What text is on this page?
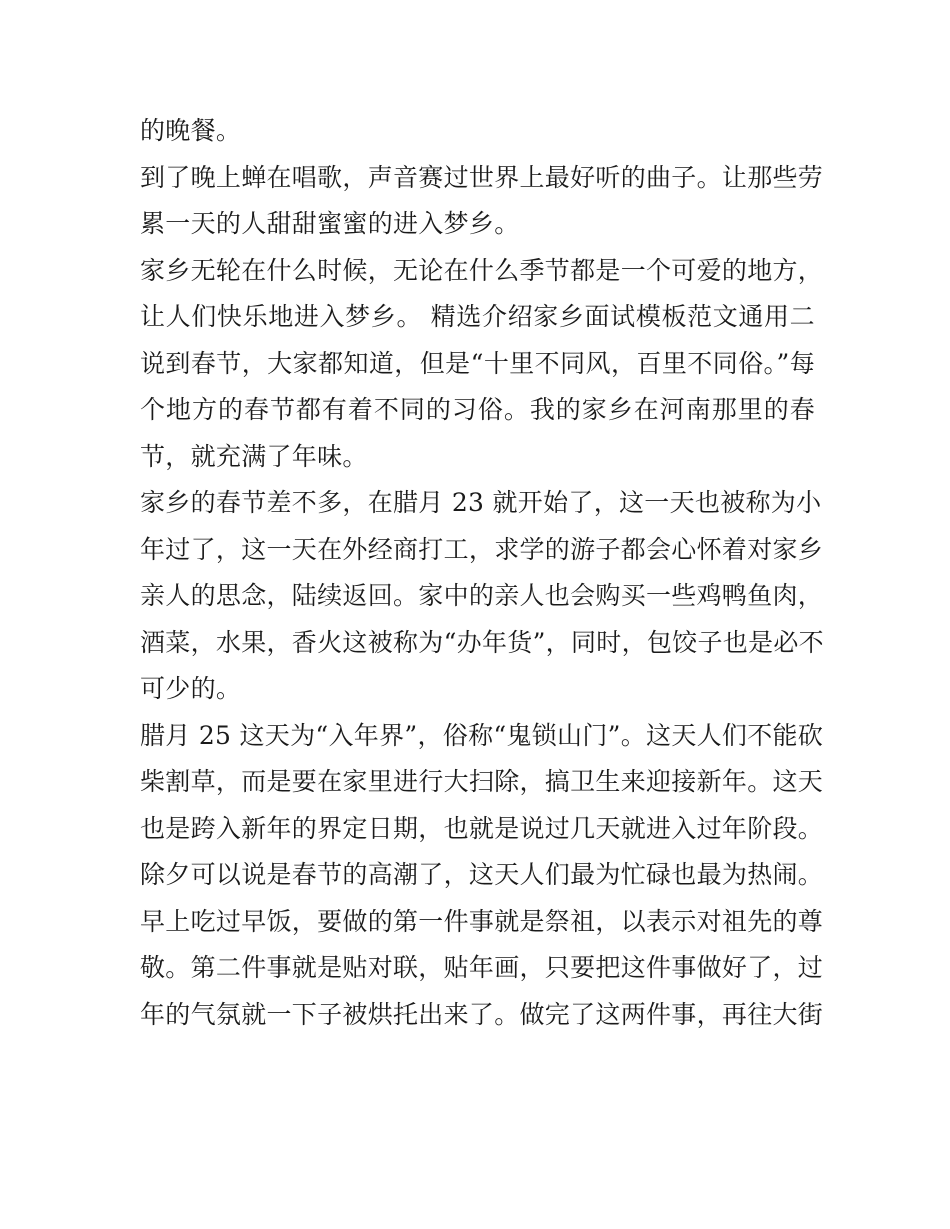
的晚餐。
到了晚上蝉在唱歌，声音赛过世界上最好听的曲子。让那些劳
累一天的人甜甜蜜蜜的进入梦乡。
家乡无轮在什么时候，无论在什么季节都是一个可爱的地方，
让人们快乐地进入梦乡。 精选介绍家乡面试模板范文通用二
说到春节，大家都知道，但是“十里不同风，百里不同俗。”每
个地方的春节都有着不同的习俗。我的家乡在河南那里的春
节，就充满了年味。
家乡的春节差不多，在腊月 23 就开始了，这一天也被称为小
年过了，这一天在外经商打工，求学的游子都会心怀着对家乡
亲人的思念，陆续返回。家中的亲人也会购买一些鸡鸭鱼肉，
酒菜，水果，香火这被称为“办年货”，同时，包饺子也是必不
可少的。
腊月 25 这天为“入年界”，俗称“鬼锁山门”。这天人们不能砍
柴割草，而是要在家里进行大扫除，搞卫生来迎接新年。这天
也是跨入新年的界定日期，也就是说过几天就进入过年阶段。
除夕可以说是春节的高潮了，这天人们最为忙碌也最为热闹。
早上吃过早饭，要做的第一件事就是祭祖，以表示对祖先的尊
敬。第二件事就是贴对联，贴年画，只要把这件事做好了，过
年的气氛就一下子被烘托出来了。做完了这两件事，再往大街
